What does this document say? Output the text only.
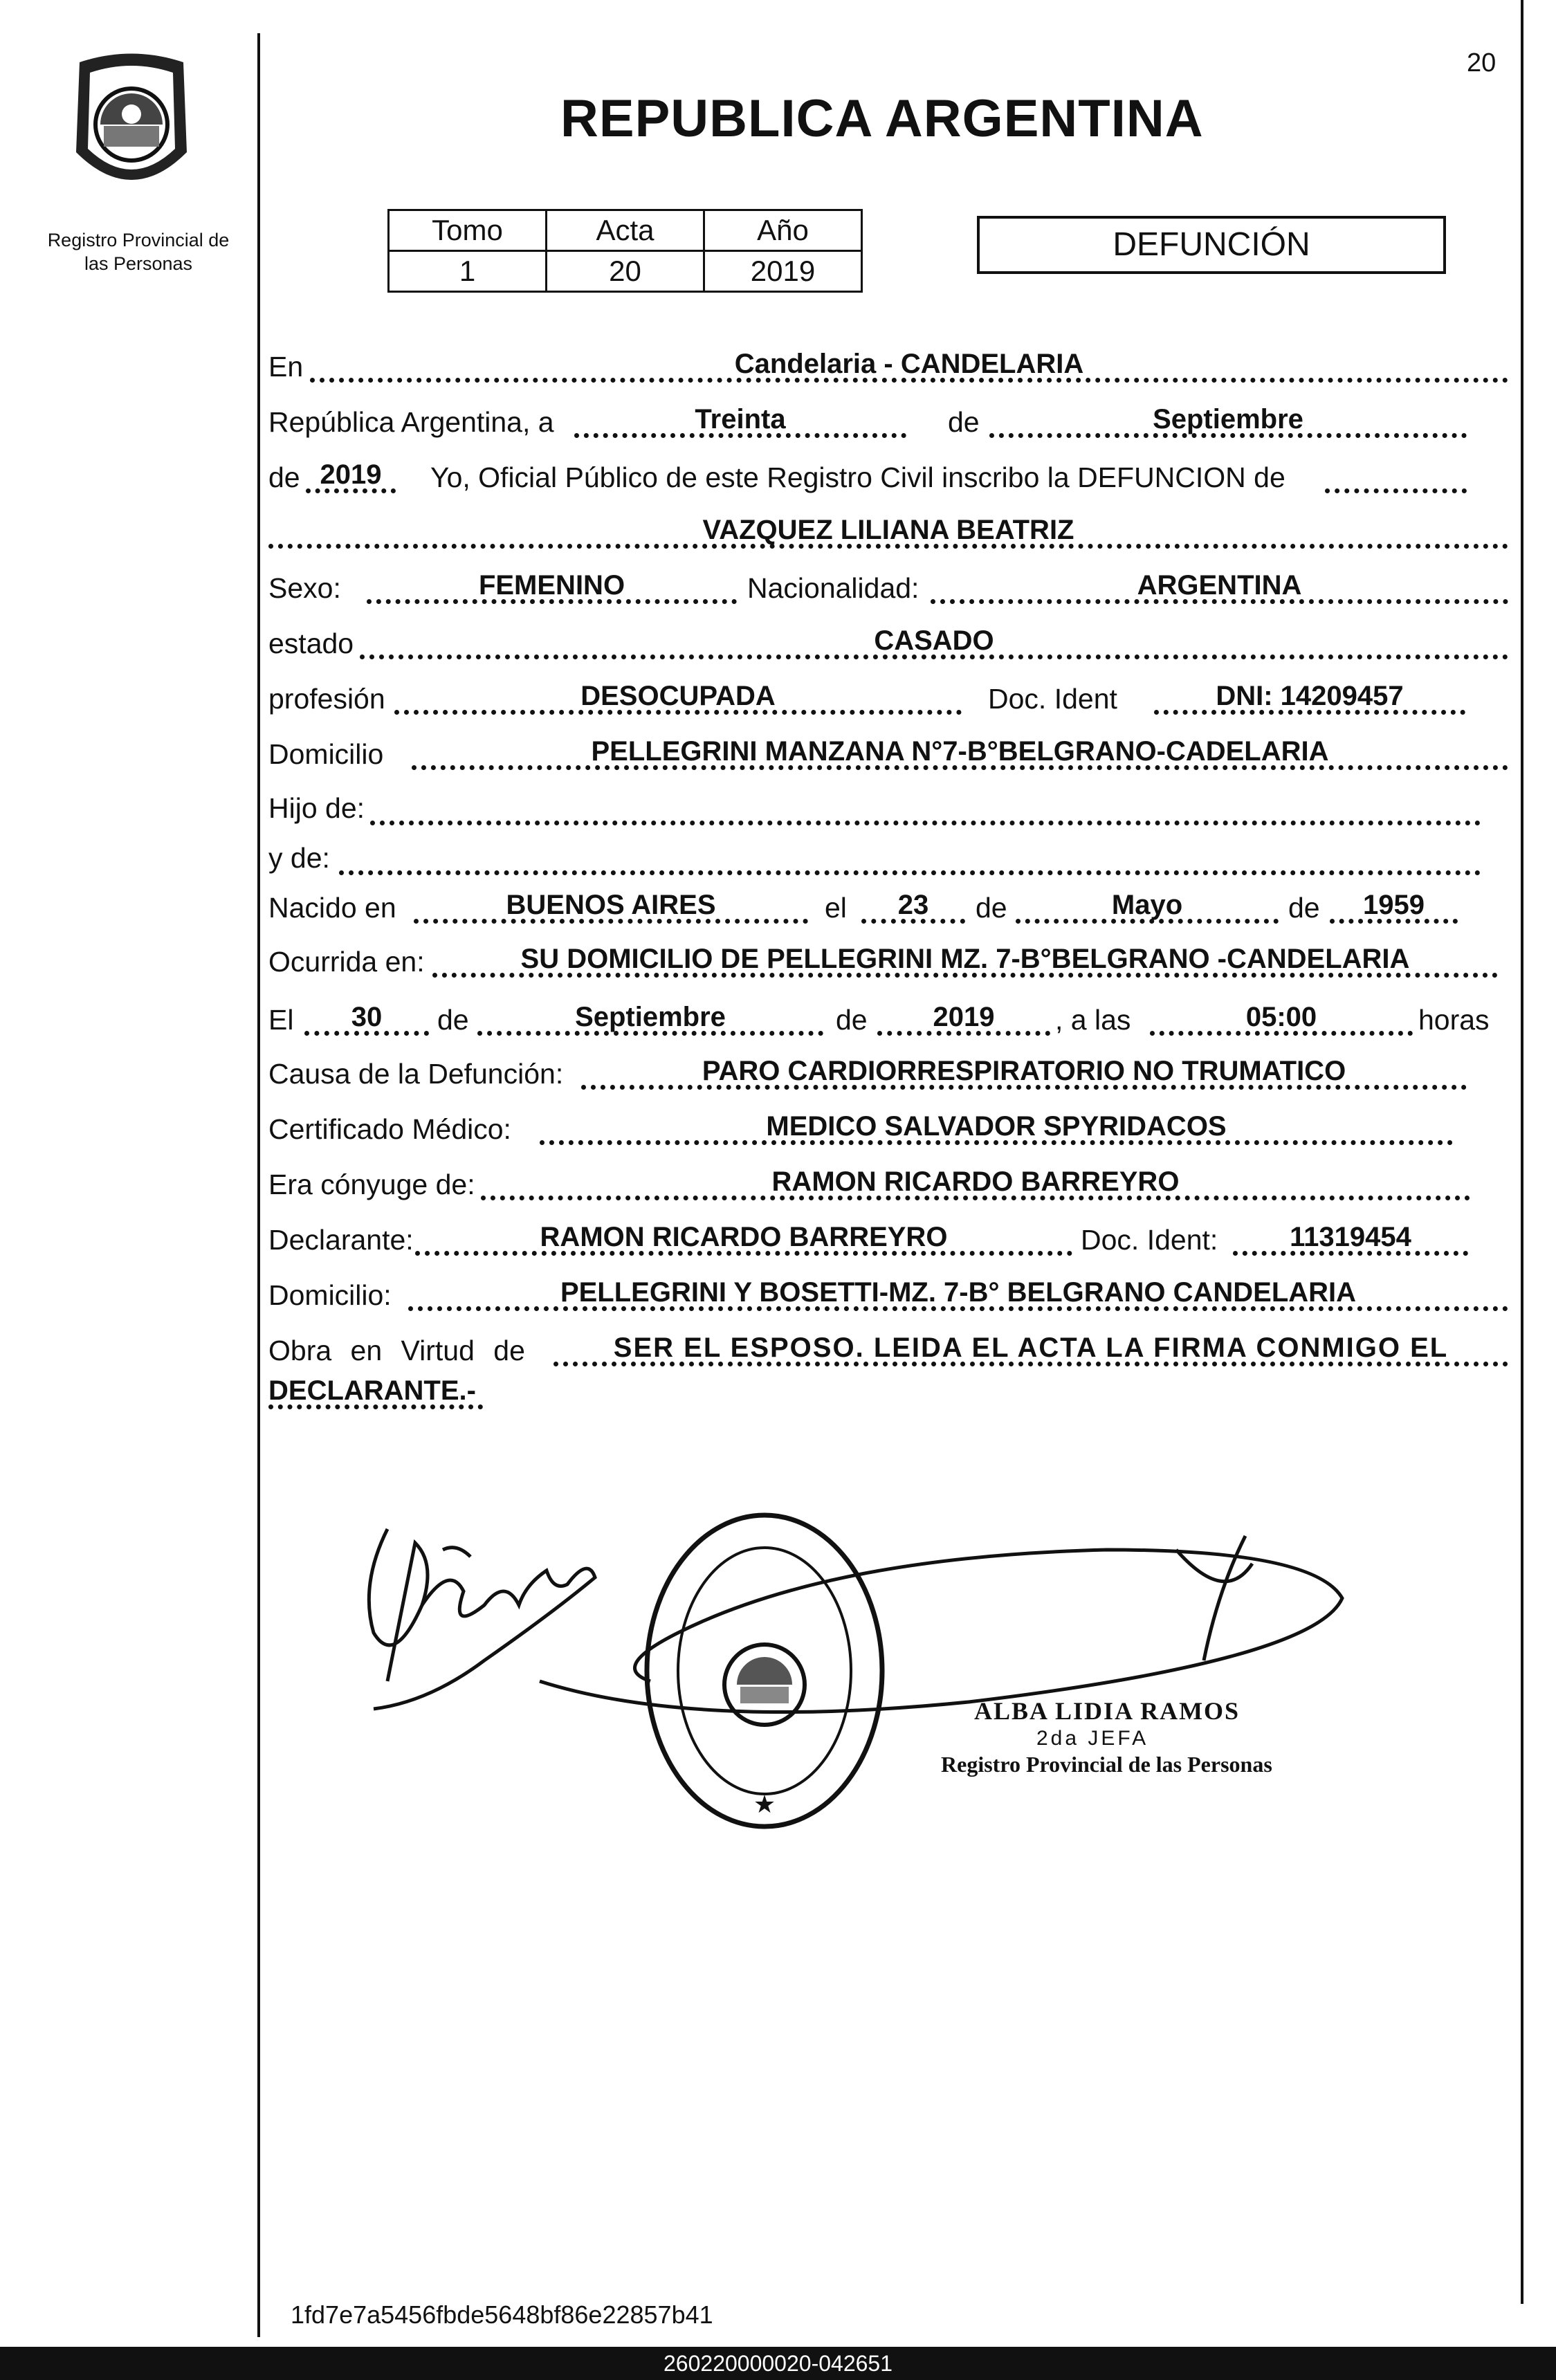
Registro Provincial de
las Personas
20
REPUBLICA ARGENTINA
Tomo	Acta	Año
1	20	2019
DEFUNCIÓN
En	Candelaria - CANDELARIA
República Argentina, a	Treinta	de	Septiembre
de 2019	Yo, Oficial Público de este Registro Civil inscribo la DEFUNCION de
VAZQUEZ LILIANA BEATRIZ
Sexo:	FEMENINO	Nacionalidad:	ARGENTINA
estado	CASADO
profesión	DESOCUPADA	Doc. Ident	DNI: 14209457
Domicilio	PELLEGRINI MANZANA N°7-B°BELGRANO-CADELARIA
Hijo de:
y de:
Nacido en	BUENOS AIRES	el	23	de	Mayo	de	1959
Ocurrida en:	SU DOMICILIO DE PELLEGRINI MZ. 7-B°BELGRANO -CANDELARIA
El	30	de	Septiembre	de	2019	, a las	05:00	horas
Causa de la Defunción:	PARO CARDIORRESPIRATORIO NO TRUMATICO
Certificado Médico:	MEDICO SALVADOR SPYRIDACOS
Era cónyuge de:	RAMON RICARDO BARREYRO
Declarante:	RAMON RICARDO BARREYRO	Doc. Ident:	11319454
Domicilio:	PELLEGRINI Y BOSETTI-MZ. 7-B° BELGRANO CANDELARIA
Obra en Virtud de	SER EL ESPOSO. LEIDA EL ACTA LA FIRMA CONMIGO EL
DECLARANTE.-
★
ALBA LIDIA RAMOS
2da JEFA
Registro Provincial de las Personas
1fd7e7a5456fbde5648bf86e22857b41
260220000020-042651
